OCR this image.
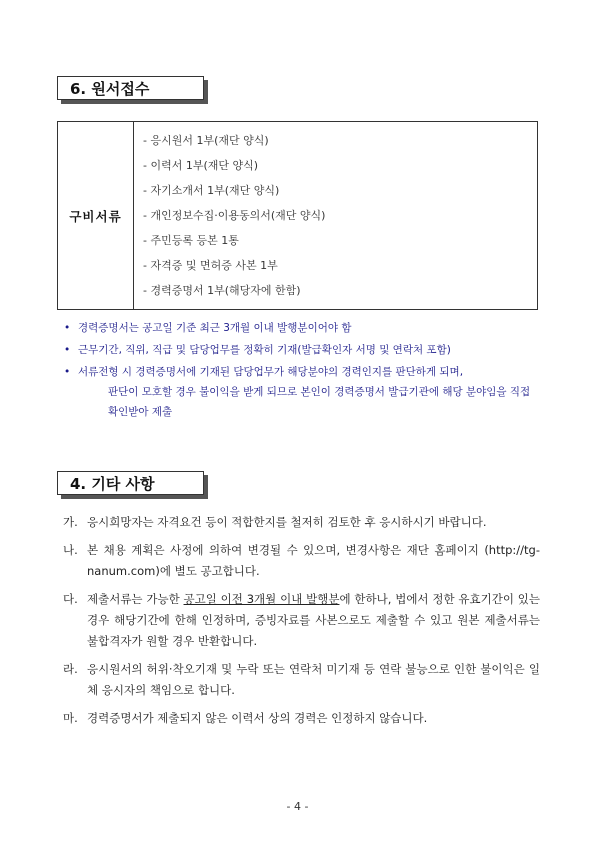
6. 원서접수
구비서류	
- 응시원서 1부(재단 양식)
- 이력서 1부(재단 양식)
- 자기소개서 1부(재단 양식)
- 개인정보수집·이용동의서(재단 양식)
- 주민등록 등본 1통
- 자격증 및 면허증 사본 1부
- 경력증명서 1부(해당자에 한함)
• 경력증명서는 공고일 기준 최근 3개월 이내 발행분이어야 함
• 근무기간, 직위, 직급 및 담당업무를 정확히 기재(발급확인자 서명 및 연락처 포함)
• 서류전형 시 경력증명서에 기재된 담당업무가 해당분야의 경력인지를 판단하게 되며,
판단이 모호할 경우 불이익을 받게 되므로 본인이 경력증명서 발급기관에 해당 분야임을 직접 확인받아 제출
4. 기타 사항
가. 응시희망자는 자격요건 등이 적합한지를 철저히 검토한 후 응시하시기 바랍니다.
나. 본 채용 계획은 사정에 의하여 변경될 수 있으며, 변경사항은 재단 홈페이지 (http://tg-nanum.com)에 별도 공고합니다.
다. 제출서류는 가능한 공고일 이전 3개월 이내 발행분에 한하나, 법에서 정한 유효기간이 있는 경우 해당기간에 한해 인정하며, 증빙자료를 사본으로도 제출할 수 있고 원본 제출서류는 불합격자가 원할 경우 반환합니다.
라. 응시원서의 허위·착오기재 및 누락 또는 연락처 미기재 등 연락 불능으로 인한 불이익은 일체 응시자의 책임으로 합니다.
마. 경력증명서가 제출되지 않은 이력서 상의 경력은 인정하지 않습니다.
- 4 -
